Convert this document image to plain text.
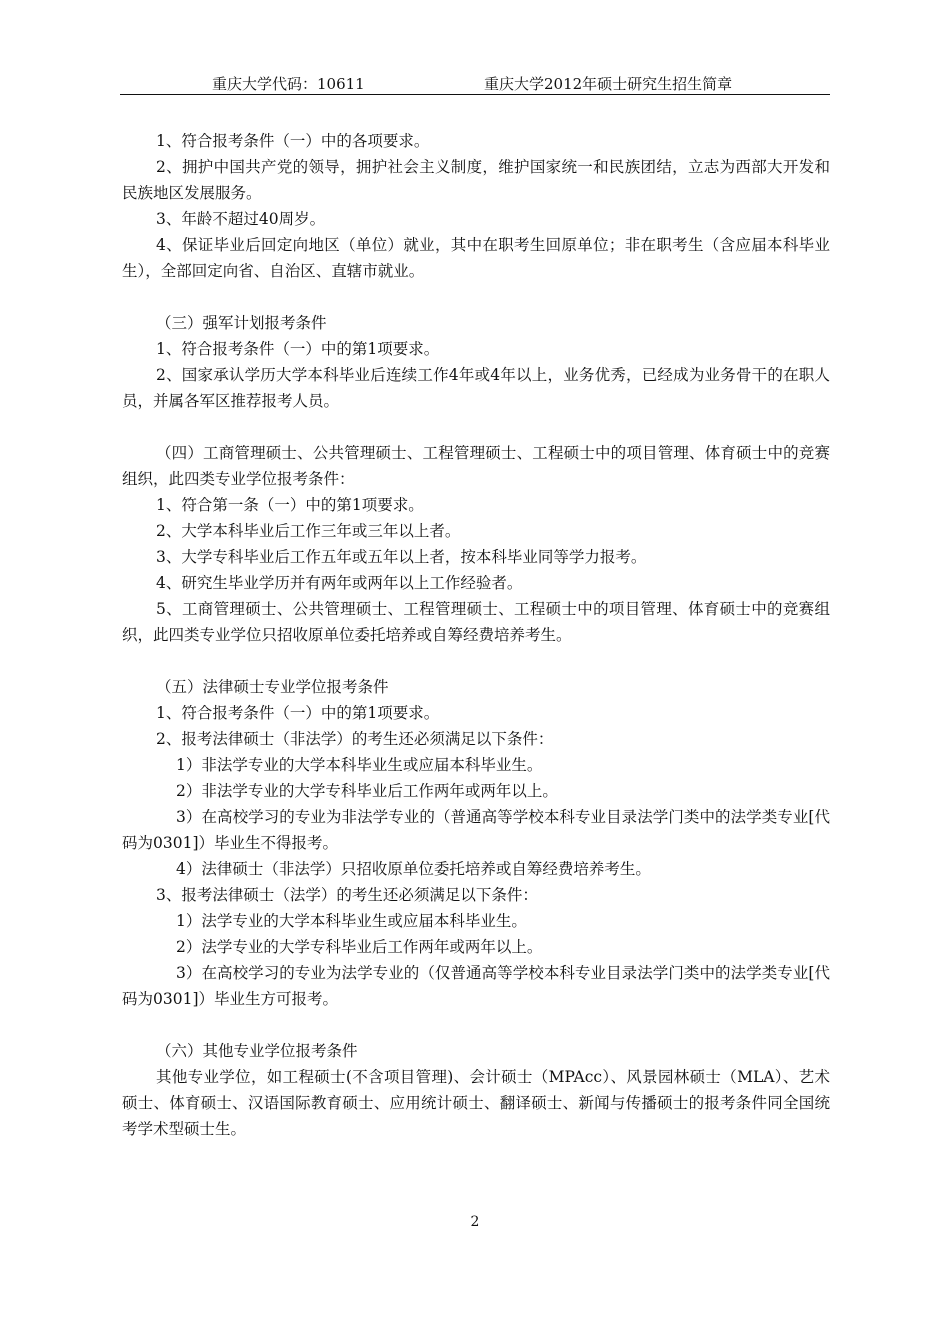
重庆大学代码：10611	重庆大学2012年硕士研究生招生简章

1、符合报考条件（一）中的各项要求。

2、拥护中国共产党的领导，拥护社会主义制度，维护国家统一和民族团结，立志为西部大开发和民族地区发展服务。

3、年龄不超过40周岁。

4、保证毕业后回定向地区（单位）就业，其中在职考生回原单位；非在职考生（含应届本科毕业生），全部回定向省、自治区、直辖市就业。

（三）强军计划报考条件

1、符合报考条件（一）中的第1项要求。

2、国家承认学历大学本科毕业后连续工作4年或4年以上，业务优秀，已经成为业务骨干的在职人员，并属各军区推荐报考人员。

（四）工商管理硕士、公共管理硕士、工程管理硕士、工程硕士中的项目管理、体育硕士中的竞赛组织，此四类专业学位报考条件：

1、符合第一条（一）中的第1项要求。

2、大学本科毕业后工作三年或三年以上者。

3、大学专科毕业后工作五年或五年以上者，按本科毕业同等学力报考。

4、研究生毕业学历并有两年或两年以上工作经验者。

5、工商管理硕士、公共管理硕士、工程管理硕士、工程硕士中的项目管理、体育硕士中的竞赛组织，此四类专业学位只招收原单位委托培养或自筹经费培养考生。

（五）法律硕士专业学位报考条件

1、符合报考条件（一）中的第1项要求。

2、报考法律硕士（非法学）的考生还必须满足以下条件：

1）非法学专业的大学本科毕业生或应届本科毕业生。

2）非法学专业的大学专科毕业后工作两年或两年以上。

3）在高校学习的专业为非法学专业的（普通高等学校本科专业目录法学门类中的法学类专业[代码为0301]）毕业生不得报考。

4）法律硕士（非法学）只招收原单位委托培养或自筹经费培养考生。

3、报考法律硕士（法学）的考生还必须满足以下条件：

1）法学专业的大学本科毕业生或应届本科毕业生。

2）法学专业的大学专科毕业后工作两年或两年以上。

3）在高校学习的专业为法学专业的（仅普通高等学校本科专业目录法学门类中的法学类专业[代码为0301]）毕业生方可报考。

（六）其他专业学位报考条件

其他专业学位，如工程硕士(不含项目管理)、会计硕士（MPAcc）、风景园林硕士（MLA）、艺术硕士、体育硕士、汉语国际教育硕士、应用统计硕士、翻译硕士、新闻与传播硕士的报考条件同全国统考学术型硕士生。

2
